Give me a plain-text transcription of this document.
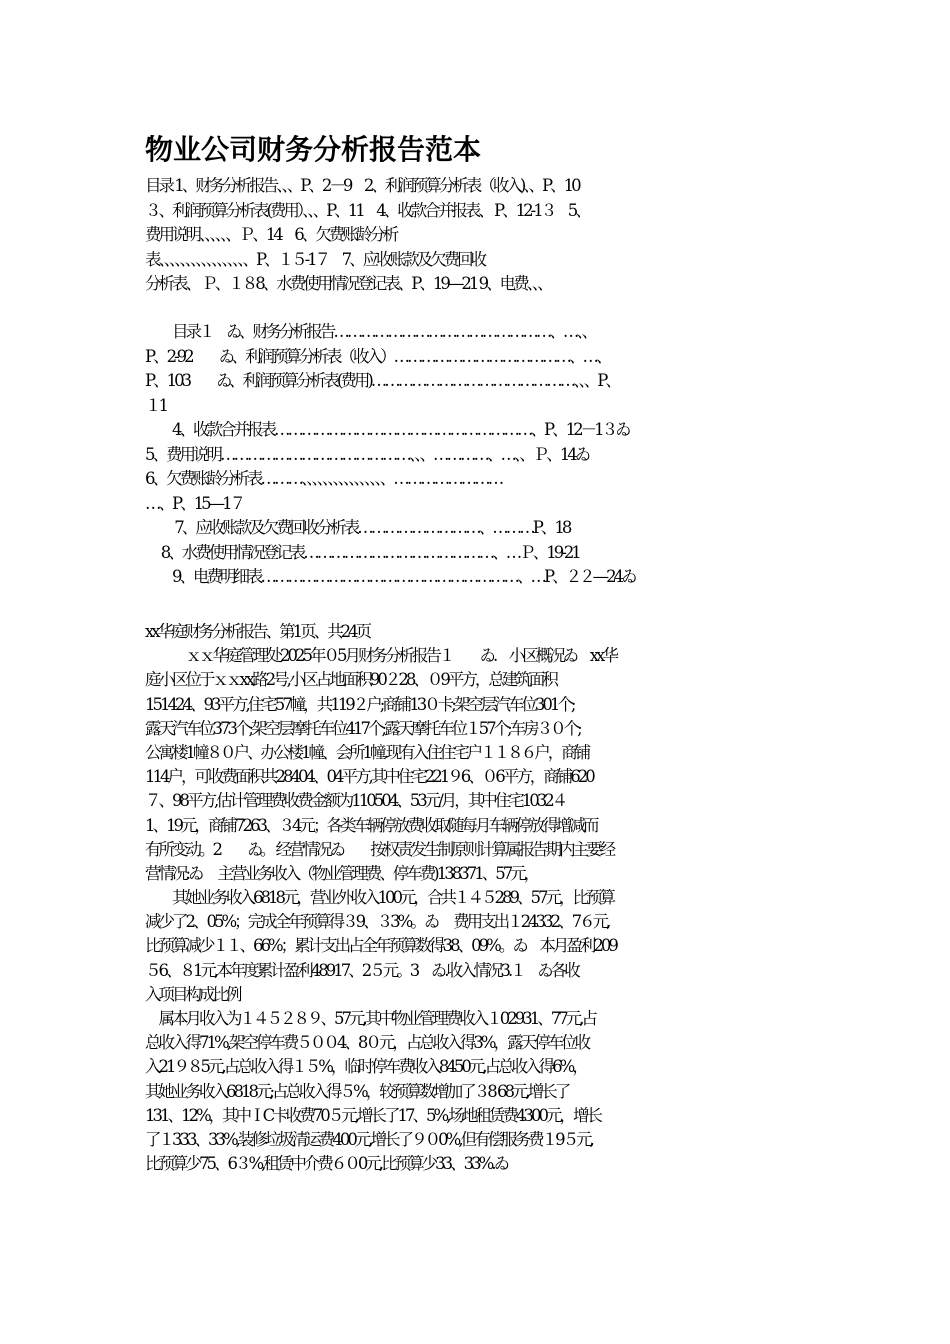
物业公司财务分析报告范本
目录 1、财务分析报告、、、P、2－9　2、利润预算分析表（收入)、、P、10
３、利润预算分析表(费用）、、、P、11　4、收款合并报表、 P、12-1３　5、
费用说明、、、、、、Ｐ、14　6、欠费账龄分析
表、、、、、、、、、、、、、、、、、P、１５-1７　7、应收账款及欠费回收
分析表、 Ｐ、１８8、水费使用情况登记表、P、19—21 9、电费、、、
　　目录１　ゐ、财务分析报告…………………………………………、…、、
P、2-92　　ゐ、利润预算分析表（收入）…………………………………、…、
P、103　　ゐ、利润预算分析表(费用)………………………………………、、、P、
１1
　　4、收款合并报表…………………………………………………、P、12－1３ゐ
5、费用说明……………………………………、、、…………、…、、Ｐ、14ゐ
6、欠费账龄分析表………、、、、、、、、、、、、、、、、……………………
…、P、15—1７
　　 7、应收账款及欠费回收分析表………………………、………P、18
　 8、水费使用情况登记表……………………………………、…Ｐ、19-21
　　9、电费明细表…………………………………………………、…P、２２—24ゐ
xx华庭财务分析报告、第1页、共24页
　　　ｘｘ华庭管理处2025年０5月财务分析报告１　　ゐ.　小区概况ゐ　xx华
庭小区位于ｘｘxx路2号,小区占地面积90２28、０9平方，总建筑面积
151424、93平方,住宅57幢，共119２户;商铺13０卡;架空层汽车位301个;
露天汽车位373个;架空层摩托车位417个;露天摩托车位１57个;车房３０个;
公寓楼1幢８０户、办公楼1幢、会所1幢.现有入住住宅户１１８６户，商铺
114户，可收费面积共28404、04平方,其中住宅221９6、０6平方，商铺620
７、98平方,估计管理费收费金额为110504、53元/月，其中住宅1032４
1、19元，商铺7263、３4元；各类车辆停放费收取随每月车辆停放得增减而
有所变动。2　　ゐ。 经营情况ゐ　　按权责发生制原则计算属报告期内主要经
营情况:ゐ　 主营业务收入（物业管理费、停车费)138371、57元，
　　其她业务收入6818元，营业外收入100元，合共１４５289、57元，比预算
减少了2、05%；完成全年预算得３9、３3%。ゐ　 费用支出１24332、7６元,
比预算减少１１、66%；累计支出占全年预算数得38、09%。ゐ　本月盈利209
５6、８1元,本年度累计盈利48917、2５元。3　ゐ.收入情况3.１　ゐ各收
入项目构成比例
　属本月收入为１４５２８９、57元,其中物业管理费收入１02931、77元,占
总收入得71%,架空停车费５００4、8０元，占总收入得3%，露天停车位收
入21９８5元,占总收入得１５%，临时停车费收入8450元,占总收入得6%，
其她业务收入6818元;占总收入得５%，较预算数增加了３8 68元,增长了
131、12%，其中ＩC卡收费70５元,增长了17、5%,场地租赁费4300元，增长
了１333、33%,装修垃圾清运费400元,增长了９０0%,但有偿服务费１9５元,
比预算少75、6３%,租赁中介费６０0元,比预算少33、33%.ゐ
